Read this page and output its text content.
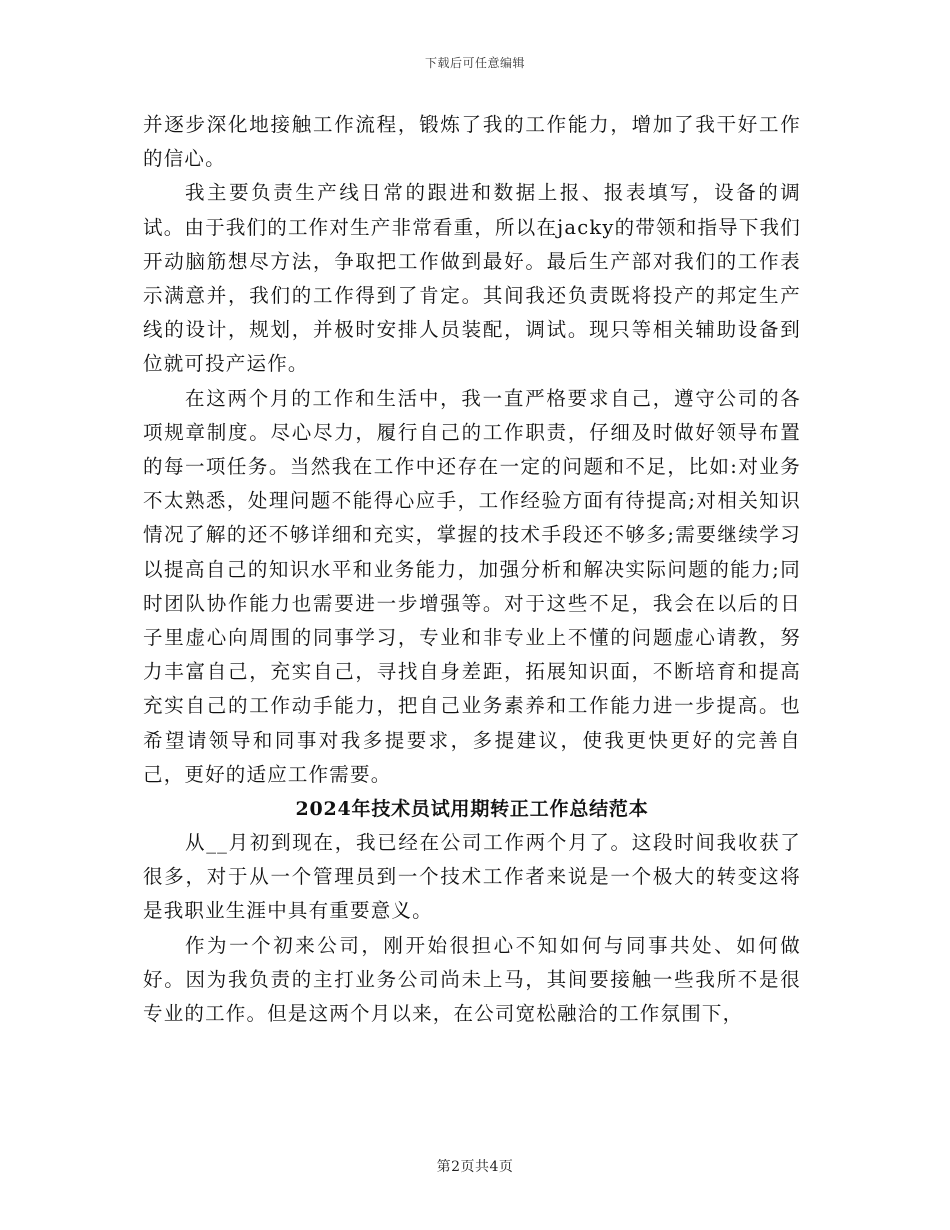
下载后可任意编辑

并逐步深化地接触工作流程，锻炼了我的工作能力，增加了我干好工作的信心。

我主要负责生产线日常的跟进和数据上报、报表填写，设备的调试。由于我们的工作对生产非常看重，所以在jacky的带领和指导下我们开动脑筋想尽方法，争取把工作做到最好。最后生产部对我们的工作表示满意并，我们的工作得到了肯定。其间我还负责既将投产的邦定生产线的设计，规划，并极时安排人员装配，调试。现只等相关辅助设备到位就可投产运作。

在这两个月的工作和生活中，我一直严格要求自己，遵守公司的各项规章制度。尽心尽力，履行自己的工作职责，仔细及时做好领导布置的每一项任务。当然我在工作中还存在一定的问题和不足，比如:对业务不太熟悉，处理问题不能得心应手，工作经验方面有待提高;对相关知识情况了解的还不够详细和充实，掌握的技术手段还不够多;需要继续学习以提高自己的知识水平和业务能力，加强分析和解决实际问题的能力;同时团队协作能力也需要进一步增强等。对于这些不足，我会在以后的日子里虚心向周围的同事学习，专业和非专业上不懂的问题虚心请教，努力丰富自己，充实自己，寻找自身差距，拓展知识面，不断培育和提高充实自己的工作动手能力，把自己业务素养和工作能力进一步提高。也希望请领导和同事对我多提要求，多提建议，使我更快更好的完善自己，更好的适应工作需要。

2024年技术员试用期转正工作总结范本

从__月初到现在，我已经在公司工作两个月了。这段时间我收获了很多，对于从一个管理员到一个技术工作者来说是一个极大的转变这将是我职业生涯中具有重要意义。

作为一个初来公司，刚开始很担心不知如何与同事共处、如何做好。因为我负责的主打业务公司尚未上马，其间要接触一些我所不是很专业的工作。但是这两个月以来，在公司宽松融洽的工作氛围下，

第2页共4页
